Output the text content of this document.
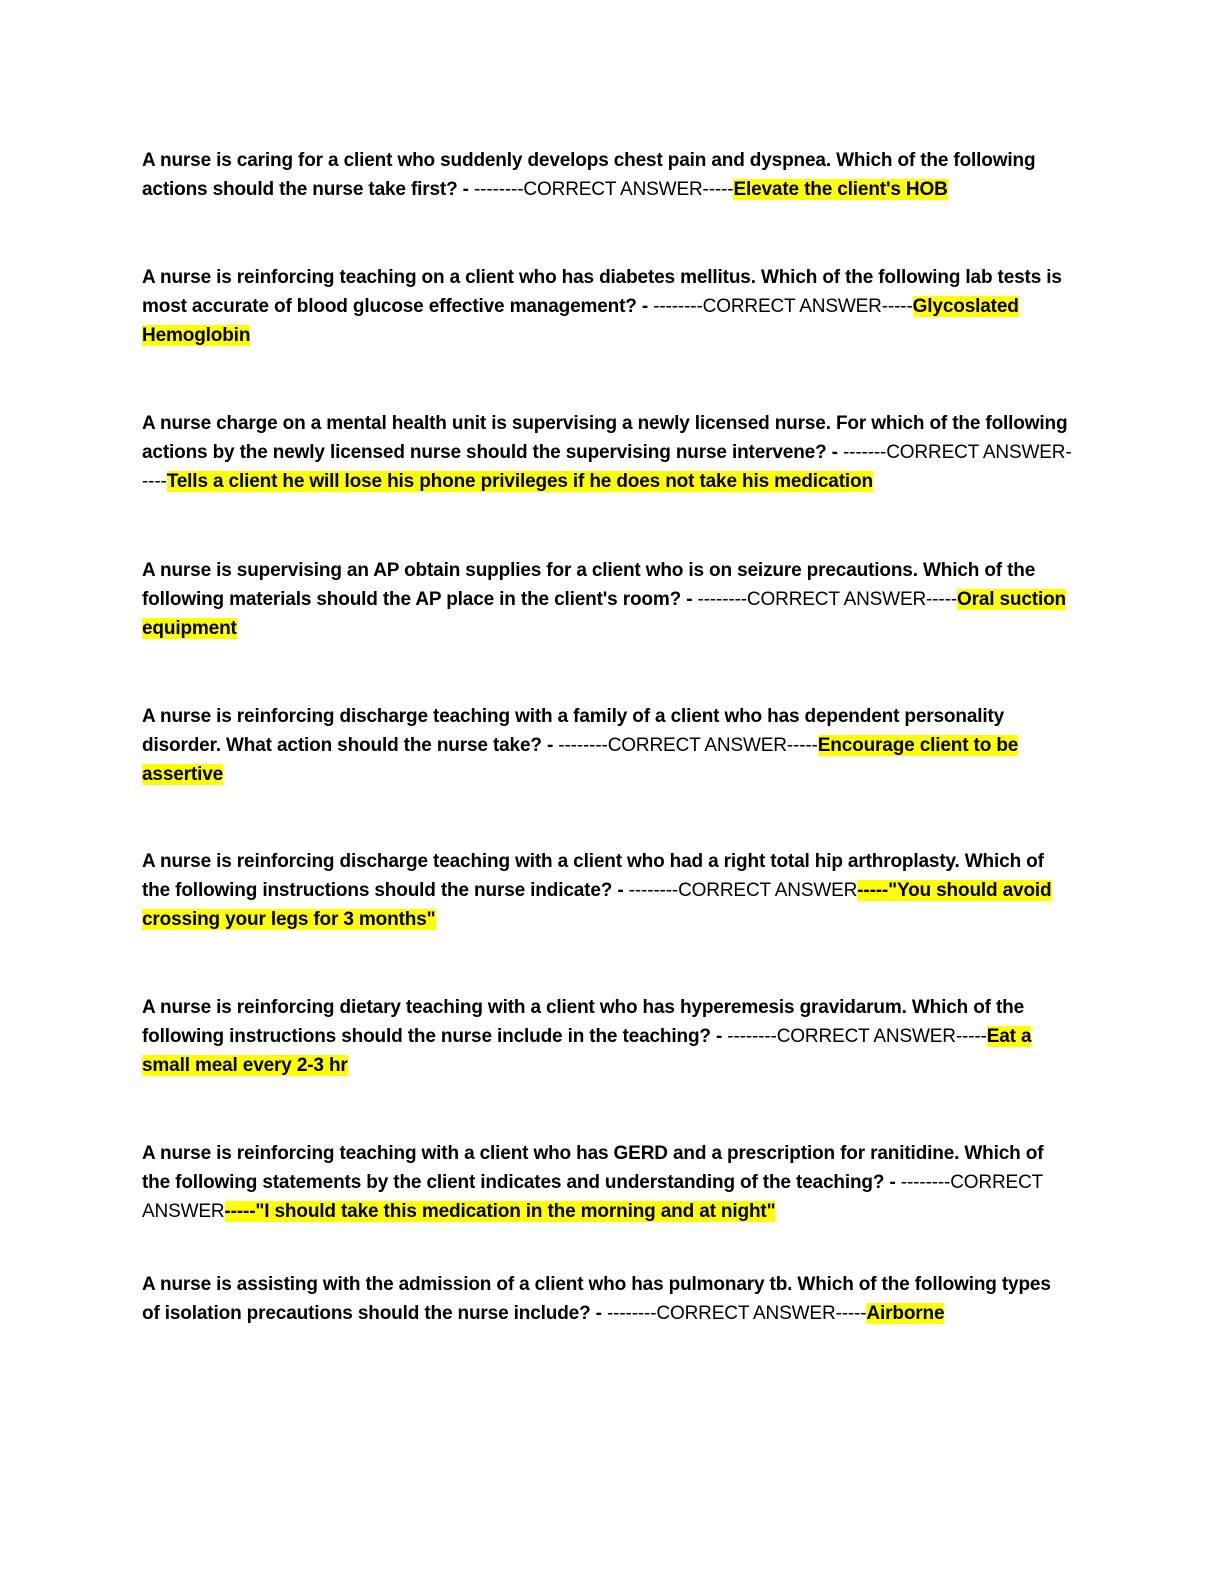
A nurse is caring for a client who suddenly develops chest pain and dyspnea. Which of the following actions should the nurse take first? - --------CORRECT ANSWER-----Elevate the client's HOB

A nurse is reinforcing teaching on a client who has diabetes mellitus. Which of the following lab tests is most accurate of blood glucose effective management? - --------CORRECT ANSWER-----Glycoslated Hemoglobin

A nurse charge on a mental health unit is supervising a newly licensed nurse. For which of the following actions by the newly licensed nurse should the supervising nurse intervene? - -------CORRECT ANSWER-----Tells a client he will lose his phone privileges if he does not take his medication

A nurse is supervising an AP obtain supplies for a client who is on seizure precautions. Which of the following materials should the AP place in the client's room? - --------CORRECT ANSWER-----Oral suction equipment

A nurse is reinforcing discharge teaching with a family of a client who has dependent personality disorder. What action should the nurse take? - --------CORRECT ANSWER-----Encourage client to be assertive

A nurse is reinforcing discharge teaching with a client who had a right total hip arthroplasty. Which of the following instructions should the nurse indicate? - --------CORRECT ANSWER-----"You should avoid crossing your legs for 3 months"

A nurse is reinforcing dietary teaching with a client who has hyperemesis gravidarum. Which of the following instructions should the nurse include in the teaching? - --------CORRECT ANSWER-----Eat a small meal every 2-3 hr

A nurse is reinforcing teaching with a client who has GERD and a prescription for ranitidine. Which of the following statements by the client indicates and understanding of the teaching? - --------CORRECT ANSWER-----"I should take this medication in the morning and at night"

A nurse is assisting with the admission of a client who has pulmonary tb. Which of the following types of isolation precautions should the nurse include? - --------CORRECT ANSWER-----Airborne
